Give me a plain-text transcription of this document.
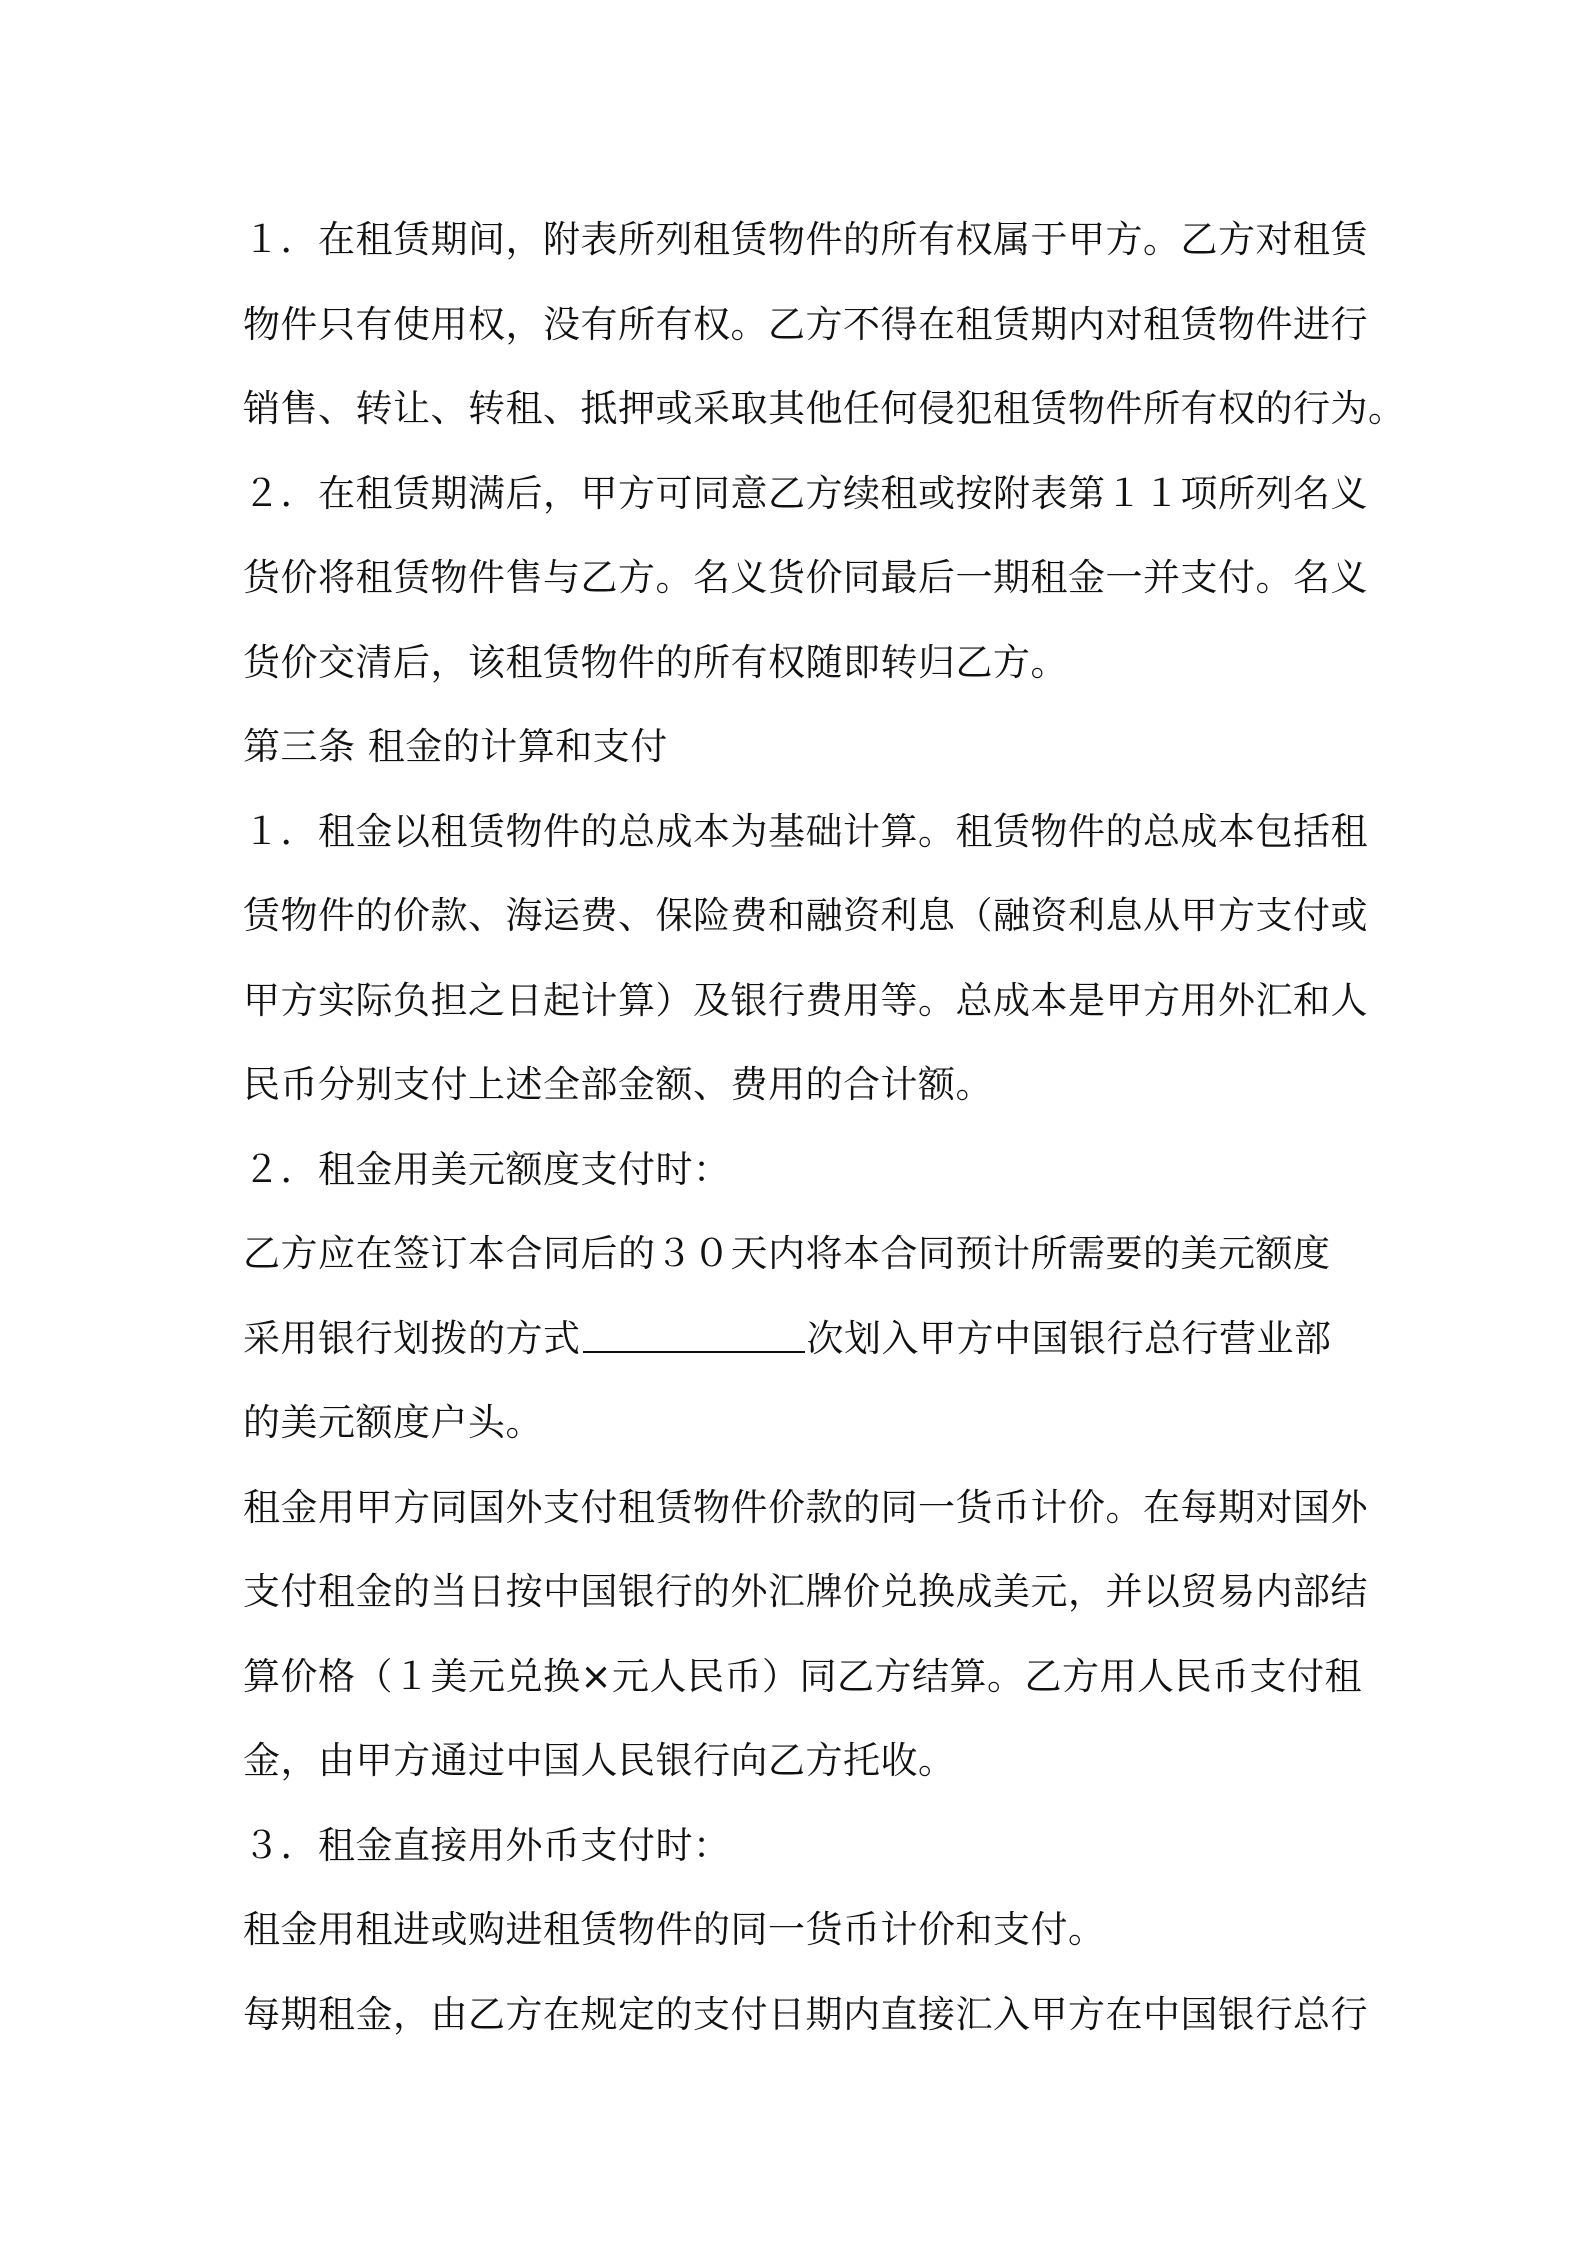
１．在租赁期间，附表所列租赁物件的所有权属于甲方。乙方对租赁
物件只有使用权，没有所有权。乙方不得在租赁期内对租赁物件进行
销售、转让、转租、抵押或采取其他任何侵犯租赁物件所有权的行为。
２．在租赁期满后，甲方可同意乙方续租或按附表第１１项所列名义
货价将租赁物件售与乙方。名义货价同最后一期租金一并支付。名义
货价交清后，该租赁物件的所有权随即转归乙方。
第三条 租金的计算和支付
１．租金以租赁物件的总成本为基础计算。租赁物件的总成本包括租
赁物件的价款、海运费、保险费和融资利息（融资利息从甲方支付或
甲方实际负担之日起计算）及银行费用等。总成本是甲方用外汇和人
民币分别支付上述全部金额、费用的合计额。
２．租金用美元额度支付时：
乙方应在签订本合同后的３０天内将本合同预计所需要的美元额度
采用银行划拨的方式	次划入甲方中国银行总行营业部
的美元额度户头。
租金用甲方同国外支付租赁物件价款的同一货币计价。在每期对国外
支付租金的当日按中国银行的外汇牌价兑换成美元，并以贸易内部结
算价格（１美元兑换×元人民币）同乙方结算。乙方用人民币支付租
金，由甲方通过中国人民银行向乙方托收。
３．租金直接用外币支付时：
租金用租进或购进租赁物件的同一货币计价和支付。
每期租金，由乙方在规定的支付日期内直接汇入甲方在中国银行总行
